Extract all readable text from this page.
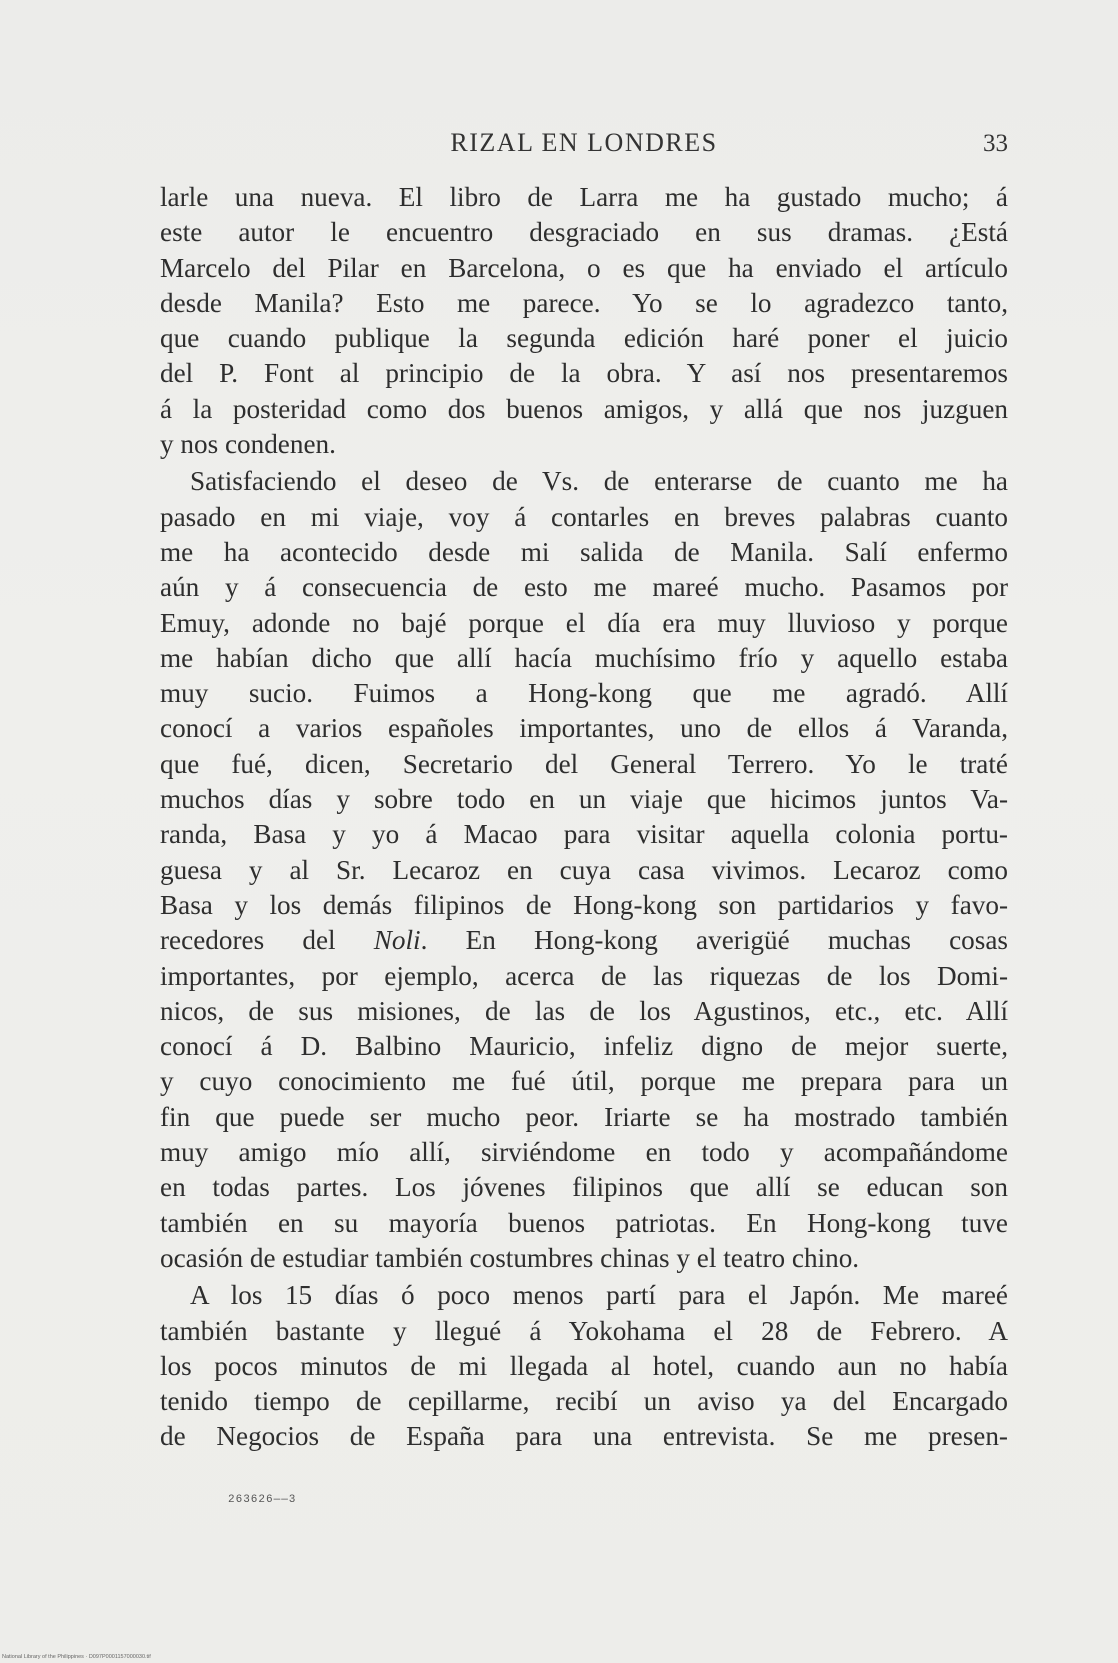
RIZAL EN LONDRES	33
larle una nueva. El libro de Larra me ha gustado mucho; á
este autor le encuentro desgraciado en sus dramas. ¿Está
Marcelo del Pilar en Barcelona, o es que ha enviado el artículo
desde Manila? Esto me parece. Yo se lo agradezco tanto,
que cuando publique la segunda edición haré poner el juicio
del P. Font al principio de la obra. Y así nos presentaremos
á la posteridad como dos buenos amigos, y allá que nos juzguen
y nos condenen.
Satisfaciendo el deseo de Vs. de enterarse de cuanto me ha
pasado en mi viaje, voy á contarles en breves palabras cuanto
me ha acontecido desde mi salida de Manila. Salí enfermo
aún y á consecuencia de esto me mareé mucho. Pasamos por
Emuy, adonde no bajé porque el día era muy lluvioso y porque
me habían dicho que allí hacía muchísimo frío y aquello estaba
muy sucio. Fuimos a Hong-kong que me agradó. Allí
conocí a varios españoles importantes, uno de ellos á Varanda,
que fué, dicen, Secretario del General Terrero. Yo le traté
muchos días y sobre todo en un viaje que hicimos juntos Va-
randa, Basa y yo á Macao para visitar aquella colonia portu-
guesa y al Sr. Lecaroz en cuya casa vivimos. Lecaroz como
Basa y los demás filipinos de Hong-kong son partidarios y favo-
recedores del Noli. En Hong-kong averigüé muchas cosas
importantes, por ejemplo, acerca de las riquezas de los Domi-
nicos, de sus misiones, de las de los Agustinos, etc., etc. Allí
conocí á D. Balbino Mauricio, infeliz digno de mejor suerte,
y cuyo conocimiento me fué útil, porque me prepara para un
fin que puede ser mucho peor. Iriarte se ha mostrado también
muy amigo mío allí, sirviéndome en todo y acompañándome
en todas partes. Los jóvenes filipinos que allí se educan son
también en su mayoría buenos patriotas. En Hong-kong tuve
ocasión de estudiar también costumbres chinas y el teatro chino.
A los 15 días ó poco menos partí para el Japón. Me mareé
también bastante y llegué á Yokohama el 28 de Febrero. A
los pocos minutos de mi llegada al hotel, cuando aun no había
tenido tiempo de cepillarme, recibí un aviso ya del Encargado
de Negocios de España para una entrevista. Se me presen-
263626——3
National Library of the Philippines · D097P0001157000030.tif
